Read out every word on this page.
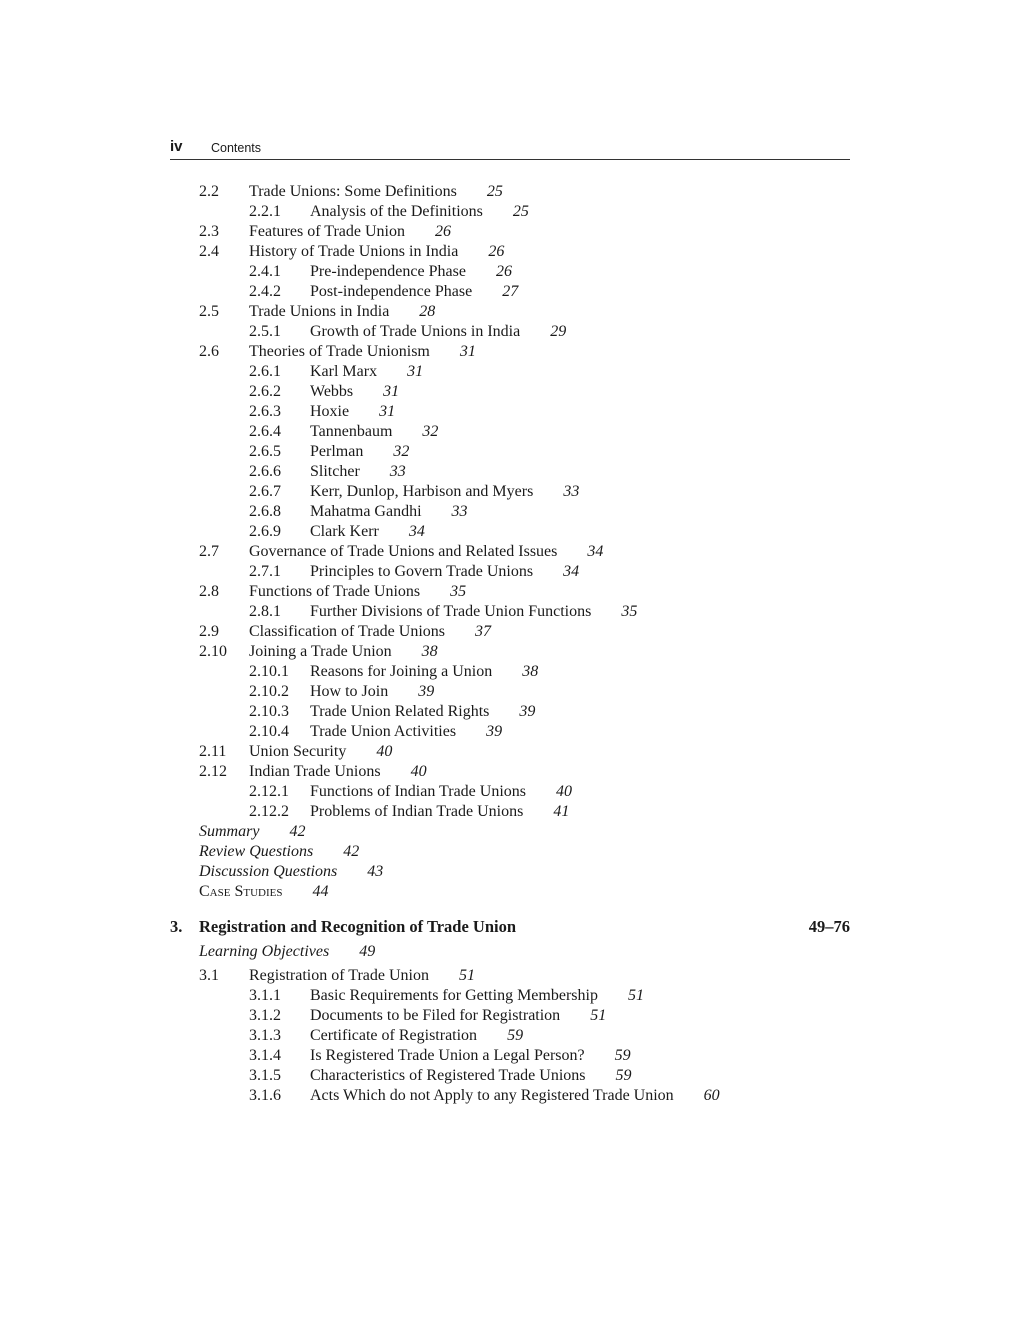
iv Contents
3. Registration and Recognition of Trade Union	49–76
2.2 Trade Unions: Some Definitions 25
2.2.1 Analysis of the Definitions 25
2.3 Features of Trade Union 26
2.4 History of Trade Unions in India 26
2.4.1 Pre-independence Phase 26
2.4.2 Post-independence Phase 27
2.5 Trade Unions in India 28
2.5.1 Growth of Trade Unions in India 29
2.6 Theories of Trade Unionism 31
2.6.1 Karl Marx 31
2.6.2 Webbs 31
2.6.3 Hoxie 31
2.6.4 Tannenbaum 32
2.6.5 Perlman 32
2.6.6 Slitcher 33
2.6.7 Kerr, Dunlop, Harbison and Myers 33
2.6.8 Mahatma Gandhi 33
2.6.9 Clark Kerr 34
2.7 Governance of Trade Unions and Related Issues 34
2.7.1 Principles to Govern Trade Unions 34
2.8 Functions of Trade Unions 35
2.8.1 Further Divisions of Trade Union Functions 35
2.9 Classification of Trade Unions 37
2.10 Joining a Trade Union 38
2.10.1 Reasons for Joining a Union 38
2.10.2 How to Join 39
2.10.3 Trade Union Related Rights 39
2.10.4 Trade Union Activities 39
2.11 Union Security 40
2.12 Indian Trade Unions 40
2.12.1 Functions of Indian Trade Unions 40
2.12.2 Problems of Indian Trade Unions 41
Summary 42
Review Questions 42
Discussion Questions 43
Case Studies 44
Learning Objectives 49
3.1 Registration of Trade Union 51
3.1.1 Basic Requirements for Getting Membership 51
3.1.2 Documents to be Filed for Registration 51
3.1.3 Certificate of Registration 59
3.1.4 Is Registered Trade Union a Legal Person? 59
3.1.5 Characteristics of Registered Trade Unions 59
3.1.6 Acts Which do not Apply to any Registered Trade Union 60
